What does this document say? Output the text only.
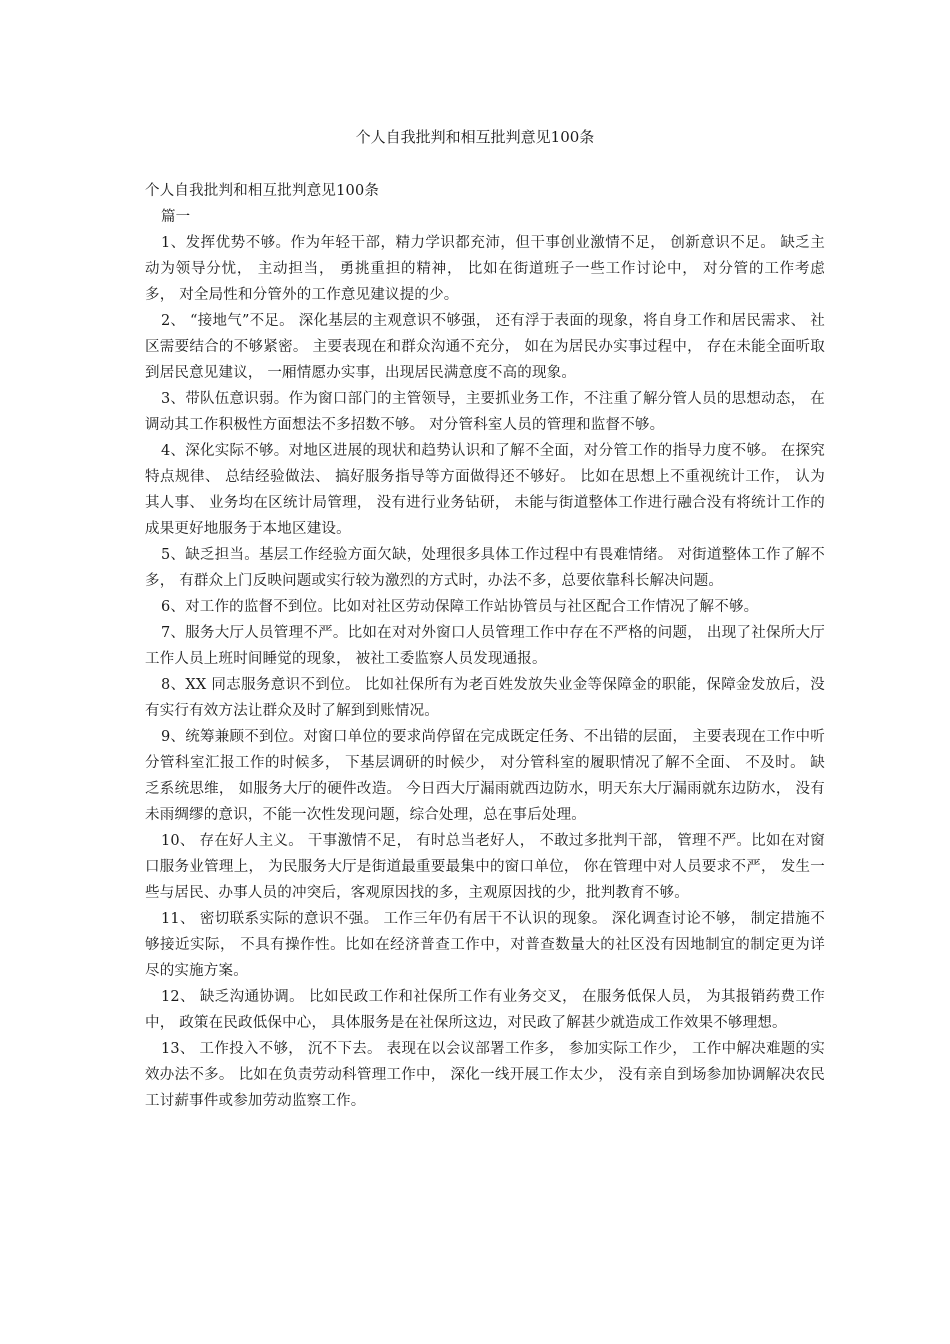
个人自我批判和相互批判意见100条

个人自我批判和相互批判意见100条

篇一

1、发挥优势不够。作为年轻干部，精力学识都充沛，但干事创业激情不足， 创新意识不足。 缺乏主动为领导分忧， 主动担当， 勇挑重担的精神， 比如在街道班子一些工作讨论中， 对分管的工作考虑多， 对全局性和分管外的工作意见建议提的少。

2、 “接地气”不足。 深化基层的主观意识不够强， 还有浮于表面的现象，将自身工作和居民需求、 社区需要结合的不够紧密。 主要表现在和群众沟通不充分， 如在为居民办实事过程中， 存在未能全面听取到居民意见建议， 一厢情愿办实事，出现居民满意度不高的现象。

3、带队伍意识弱。作为窗口部门的主管领导，主要抓业务工作，不注重了解分管人员的思想动态， 在调动其工作积极性方面想法不多招数不够。 对分管科室人员的管理和监督不够。

4、深化实际不够。对地区进展的现状和趋势认识和了解不全面，对分管工作的指导力度不够。 在探究特点规律、 总结经验做法、 搞好服务指导等方面做得还不够好。 比如在思想上不重视统计工作， 认为其人事、 业务均在区统计局管理， 没有进行业务钻研， 未能与街道整体工作进行融合没有将统计工作的成果更好地服务于本地区建设。

5、缺乏担当。基层工作经验方面欠缺，处理很多具体工作过程中有畏难情绪。 对街道整体工作了解不多， 有群众上门反映问题或实行较为激烈的方式时，办法不多，总要依靠科长解决问题。

6、对工作的监督不到位。比如对社区劳动保障工作站协管员与社区配合工作情况了解不够。

7、服务大厅人员管理不严。比如在对对外窗口人员管理工作中存在不严格的问题， 出现了社保所大厅工作人员上班时间睡觉的现象， 被社工委监察人员发现通报。

8、XX 同志服务意识不到位。 比如社保所有为老百姓发放失业金等保障金的职能，保障金发放后，没有实行有效方法让群众及时了解到到账情况。

9、统筹兼顾不到位。对窗口单位的要求尚停留在完成既定任务、不出错的层面， 主要表现在工作中听分管科室汇报工作的时候多， 下基层调研的时候少， 对分管科室的履职情况了解不全面、 不及时。 缺乏系统思维， 如服务大厅的硬件改造。 今日西大厅漏雨就西边防水，明天东大厅漏雨就东边防水， 没有未雨绸缪的意识，不能一次性发现问题，综合处理，总在事后处理。

10、 存在好人主义。 干事激情不足， 有时总当老好人， 不敢过多批判干部， 管理不严。比如在对窗口服务业管理上， 为民服务大厅是街道最重要最集中的窗口单位， 你在管理中对人员要求不严， 发生一些与居民、办事人员的冲突后，客观原因找的多，主观原因找的少，批判教育不够。

11、 密切联系实际的意识不强。 工作三年仍有居干不认识的现象。 深化调查讨论不够， 制定措施不够接近实际， 不具有操作性。比如在经济普查工作中，对普查数量大的社区没有因地制宜的制定更为详尽的实施方案。

12、 缺乏沟通协调。 比如民政工作和社保所工作有业务交叉， 在服务低保人员， 为其报销药费工作中， 政策在民政低保中心， 具体服务是在社保所这边，对民政了解甚少就造成工作效果不够理想。

13、 工作投入不够， 沉不下去。 表现在以会议部署工作多， 参加实际工作少， 工作中解决难题的实效办法不多。 比如在负责劳动科管理工作中， 深化一线开展工作太少， 没有亲自到场参加协调解决农民工讨薪事件或参加劳动监察工作。
